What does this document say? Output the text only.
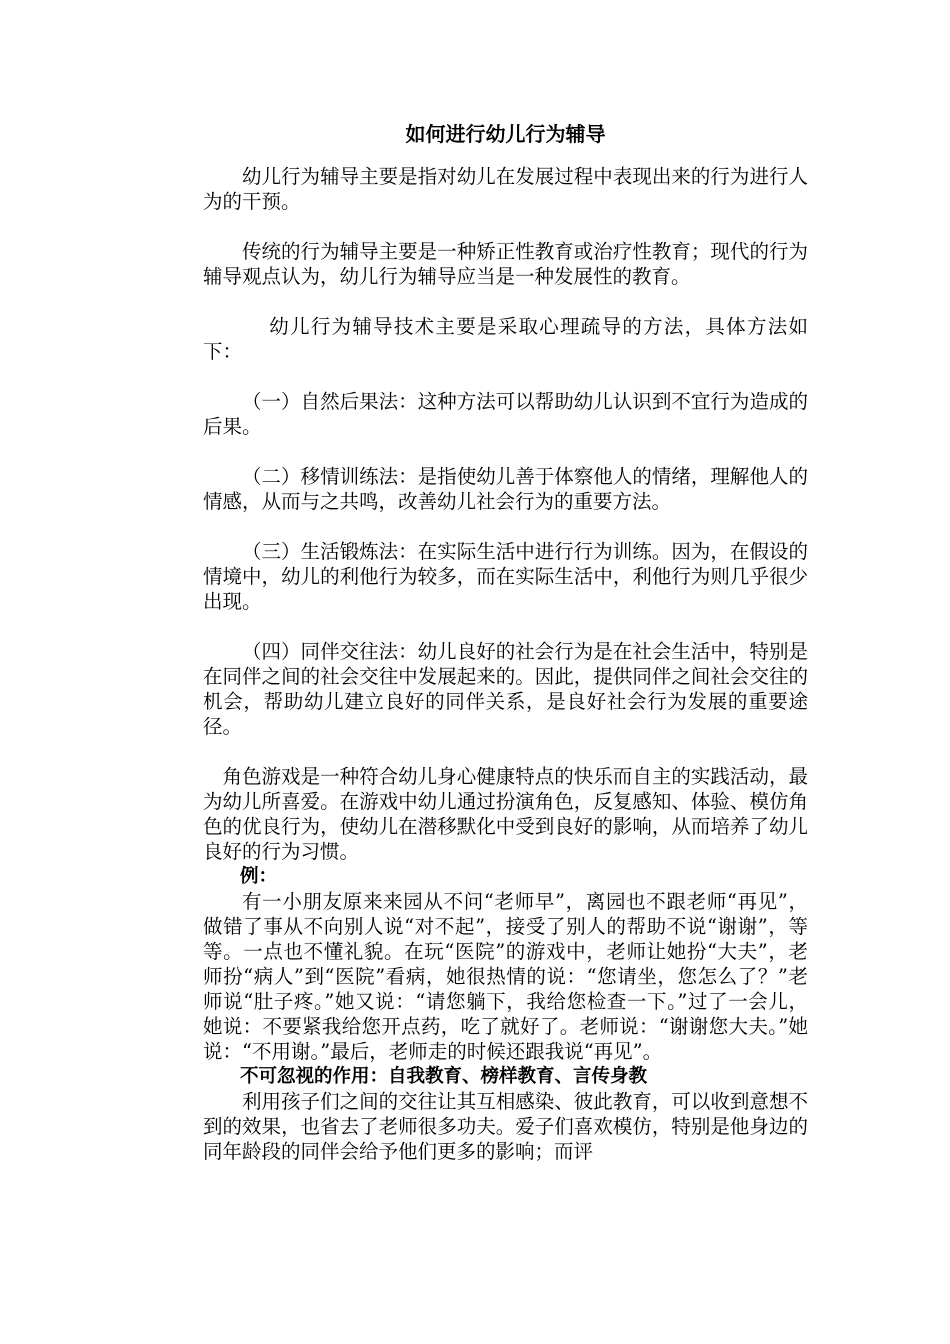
如何进行幼儿行为辅导

幼儿行为辅导主要是指对幼儿在发展过程中表现出来的行为进行人为的干预。

传统的行为辅导主要是一种矫正性教育或治疗性教育；现代的行为辅导观点认为，幼儿行为辅导应当是一种发展性的教育。

幼儿行为辅导技术主要是采取心理疏导的方法，具体方法如下：

（一）自然后果法：这种方法可以帮助幼儿认识到不宜行为造成的后果。

（二）移情训练法：是指使幼儿善于体察他人的情绪，理解他人的情感，从而与之共鸣，改善幼儿社会行为的重要方法。

（三）生活锻炼法：在实际生活中进行行为训练。因为，在假设的情境中，幼儿的利他行为较多，而在实际生活中，利他行为则几乎很少出现。

（四）同伴交往法：幼儿良好的社会行为是在社会生活中，特别是在同伴之间的社会交往中发展起来的。因此，提供同伴之间社会交往的机会，帮助幼儿建立良好的同伴关系，是良好社会行为发展的重要途径。

角色游戏是一种符合幼儿身心健康特点的快乐而自主的实践活动，最为幼儿所喜爱。在游戏中幼儿通过扮演角色，反复感知、体验、模仿角色的优良行为，使幼儿在潜移默化中受到良好的影响，从而培养了幼儿良好的行为习惯。

例：

有一小朋友原来来园从不问“老师早”，离园也不跟老师“再见”，做错了事从不向别人说“对不起”，接受了别人的帮助不说“谢谢”，等等。一点也不懂礼貌。在玩“医院”的游戏中，老师让她扮“大夫”，老师扮“病人”到“医院”看病，她很热情的说：“您请坐，您怎么了？”老师说“肚子疼。”她又说：“请您躺下，我给您检查一下。”过了一会儿，她说：不要紧我给您开点药，吃了就好了。老师说：“谢谢您大夫。”她说：“不用谢。”最后，老师走的时候还跟我说“再见”。

不可忽视的作用：自我教育、榜样教育、言传身教

利用孩子们之间的交往让其互相感染、彼此教育，可以收到意想不到的效果，也省去了老师很多功夫。爱子们喜欢模仿，特别是他身边的同年龄段的同伴会给予他们更多的影响；而评
